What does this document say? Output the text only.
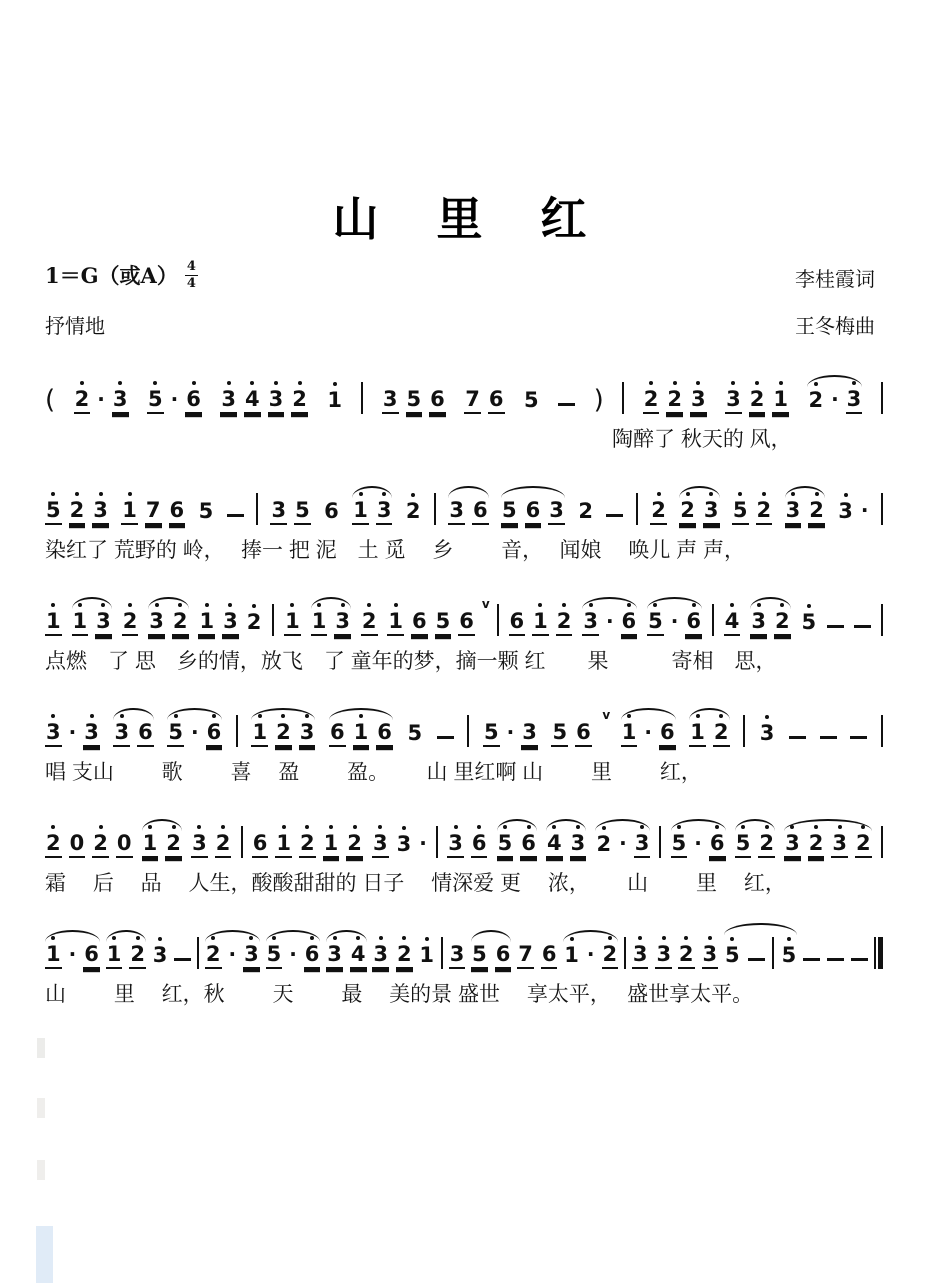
山　里　红
1＝G（或$A) \frac{4}{4}$
抒情地
李桂霞词
王冬梅曲
( 2 · 3 5 · 6 3 4 3 2 1 3 5 6 7 6 5 ) 2 2 3 3 2 1 2 · 3
陶醉了 秋天的 风，
5 2 3 1 7 6 5	3 5 6 1 3 2 3 6 5 6 3 2	2 2 3 5 2 3 2 3 ·
染红了 荒野的 岭，　 捧一 把 泥　土 觅　 乡　　 音，　 闻娘　 唤儿 声 声，
1 1 3 2 3 2 1 3 2 1 1 3 2 1 6 5 6
v
6 1 2 3 · 6 5 · 6 4 3 2 5
点燃　了 思　乡的情，放飞　了 童年的梦，摘一颗 红　　果　　　寄相　思，
3 · 3 3 6 5 · 6 1 2 3 6 1 6 5	5 · 3 5 6
v
1 · 6 1 2 3
唱 支山　　 歌　　 喜　 盈　　 盈。　　 山 里红啊 山　　 里　　 红，
2 0 2 0 1 2 3 2 6 1 2 1 2 3 3 · 3 6 5 6 4 3 2 · 3 5 · 6 5 2 3 2 3 2
霜　 后　 品　 人生，酸酸甜甜的 日子　 情深爱 更　 浓，　　 山　　 里　 红，
1 · 6 1 2 3 2 · 3 5 · 6 3 4 3 2 1 3 5 6 7 6 1 · 2 3 3 2 3 5 5
山　　 里　 红，秋　　 天　　 最　 美的景 盛世　 享太平，　 盛世享太平。
